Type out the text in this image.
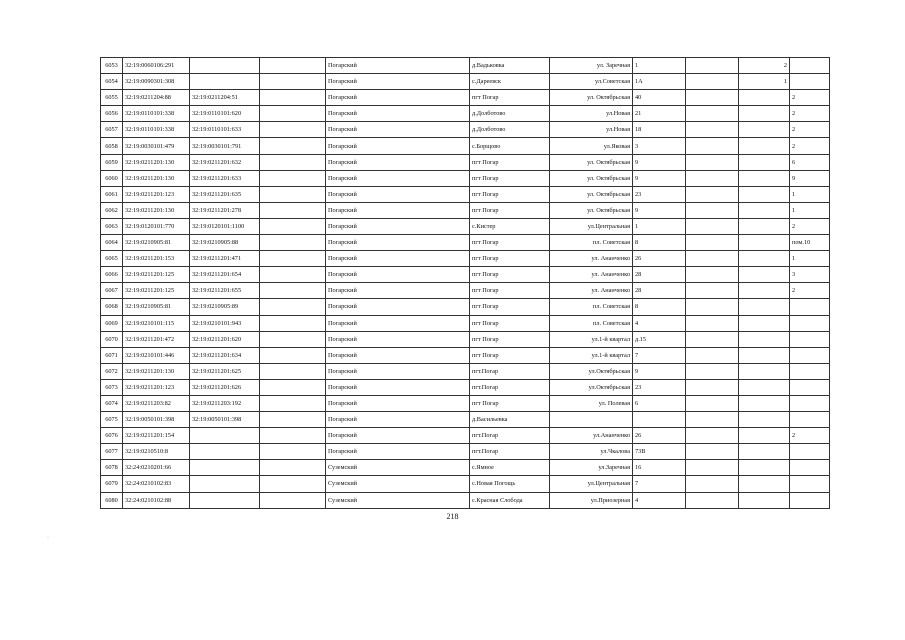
6053	32:19:0060106:291			Погарский	д.Вадьковка	ул. Заречная	1		2	
6054	32:19:0090301:308			Погарский	с.Дареевск	ул.Советская	1А		1	
6055	32:19:0211204:88	32:19:0211204:51		Погарский	пгт Погар	ул. Октябрьская	40			2
6056	32:19:0110101:338	32:19:0110101:620		Погарский	д.Долботово	ул.Новая	21			2
6057	32:19:0110101:338	32:19:0110101:633		Погарский	д.Долботово	ул.Новая	18			2
6058	32:19:0030101:479	32:19:0030101:791		Погарский	с.Борщово	ул.Яковая	3			2
6059	32:19:0211201:130	32:19:0211201:632		Погарский	пгт Погар	ул. Октябрьская	9			6
6060	32:19:0211201:130	32:19:0211201:633		Погарский	пгт Погар	ул. Октябрьская	9			9
6061	32:19:0211201:123	32:19:0211201:635		Погарский	пгт Погар	ул. Октябрьская	23			1
6062	32:19:0211201:130	32:19:0211201:278		Погарский	пгт Погар	ул. Октябрьская	9			1
6063	32:19:0120101:770	32:19:0120101:1100		Погарский	с.Кистер	ул.Центральная	1			2
6064	32:19:0210905:81	32:19:0210905:88		Погарский	пгт Погар	пл. Советская	8			пом.10
6065	32:19:0211201:153	32:19:0211201:471		Погарский	пгт Погар	ул. Ананченко	26			1
6066	32:19:0211201:125	32:19:0211201:654		Погарский	пгт Погар	ул. Ананченко	28			3
6067	32:19:0211201:125	32:19:0211201:655		Погарский	пгт Погар	ул. Ананченко	28			2
6068	32:19:0210905:81	32:19:0210905:89		Погарский	пгт Погар	пл. Советская	8			
6069	32:19:0210101:115	32:19:0210101:943		Погарский	пгт Погар	пл. Советская	4			
6070	32:19:0211201:472	32:19:0211201:620		Погарский	пгт Погар	ул.1-й квартал	д.15			
6071	32:19:0210101:446	32:19:0211201:634		Погарский	пгт Погар	ул.1-й квартал	7			
6072	32:19:0211201:130	32:19:0211201:625		Погарский	пгт.Погар	ул.Октябрьская	9			
6073	32:19:0211201:123	32:19:0211201:626		Погарский	пгт.Погар	ул.Октябрьская	23			
6074	32:19:0211203:82	32:19:0211203:192		Погарский	пгт Погар	ул. Полевая	6			
6075	32:19:0050101:398	32:19:0050101:398		Погарский	д.Васильевка					
6076	32:19:0211201:154			Погарский	пгт.Погар	ул.Ананченко	26			2
6077	32:19:0210510:8			Погарский	пгт.Погар	ул.Чкалова	73В			
6078	32:24:0210201:66			Суземский	с.Ямное	ул.Заречная	16			
6079	32:24:0210102:83			Суземский	с.Новая Погощь	ул.Центральная	7			
6080	32:24:0210102:88			Суземский	с.Красная Слобода	ул.Приозерная	4			
218
·
